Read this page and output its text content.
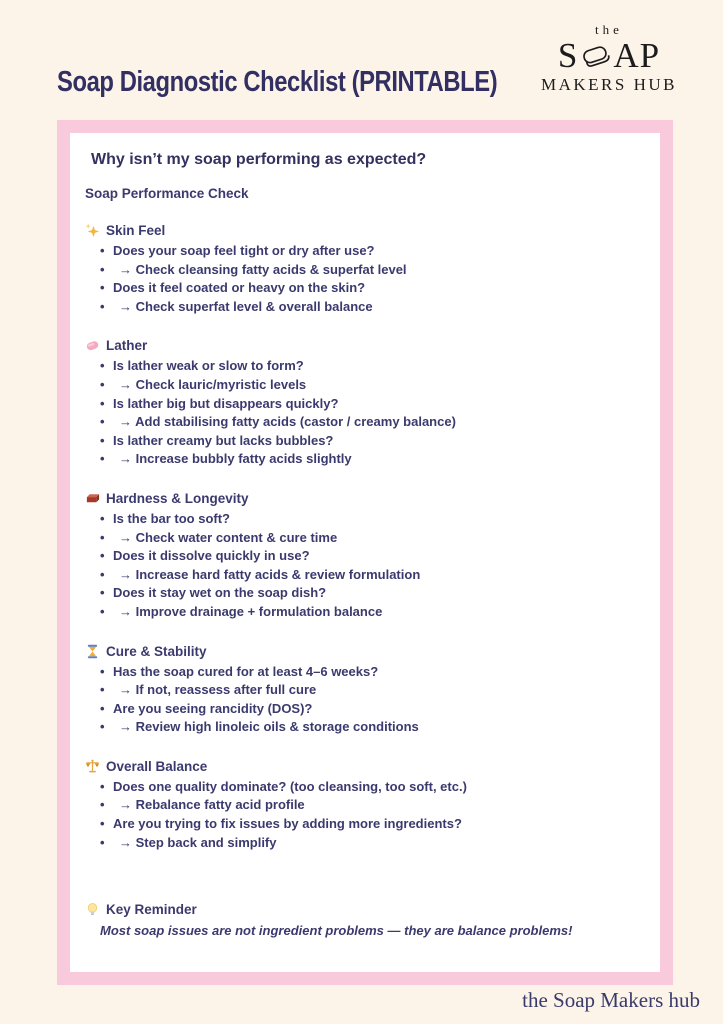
Soap Diagnostic Checklist (PRINTABLE)
the
S AP
MAKERS HUB
Why isn’t my soap performing as expected?
Soap Performance Check
Skin Feel
• Does your soap feel tight or dry after use?
• → Check cleansing fatty acids & superfat level
• Does it feel coated or heavy on the skin?
• → Check superfat level & overall balance
Lather
• Is lather weak or slow to form?
• → Check lauric/myristic levels
• Is lather big but disappears quickly?
• → Add stabilising fatty acids (castor / creamy balance)
• Is lather creamy but lacks bubbles?
• → Increase bubbly fatty acids slightly
Hardness & Longevity
• Is the bar too soft?
• → Check water content & cure time
• Does it dissolve quickly in use?
• → Increase hard fatty acids & review formulation
• Does it stay wet on the soap dish?
• → Improve drainage + formulation balance
Cure & Stability
• Has the soap cured for at least 4–6 weeks?
• → If not, reassess after full cure
• Are you seeing rancidity (DOS)?
• → Review high linoleic oils & storage conditions
Overall Balance
• Does one quality dominate? (too cleansing, too soft, etc.)
• → Rebalance fatty acid profile
• Are you trying to fix issues by adding more ingredients?
• → Step back and simplify
Key Reminder

Most soap issues are not ingredient problems — they are balance problems!

the Soap Makers hub
